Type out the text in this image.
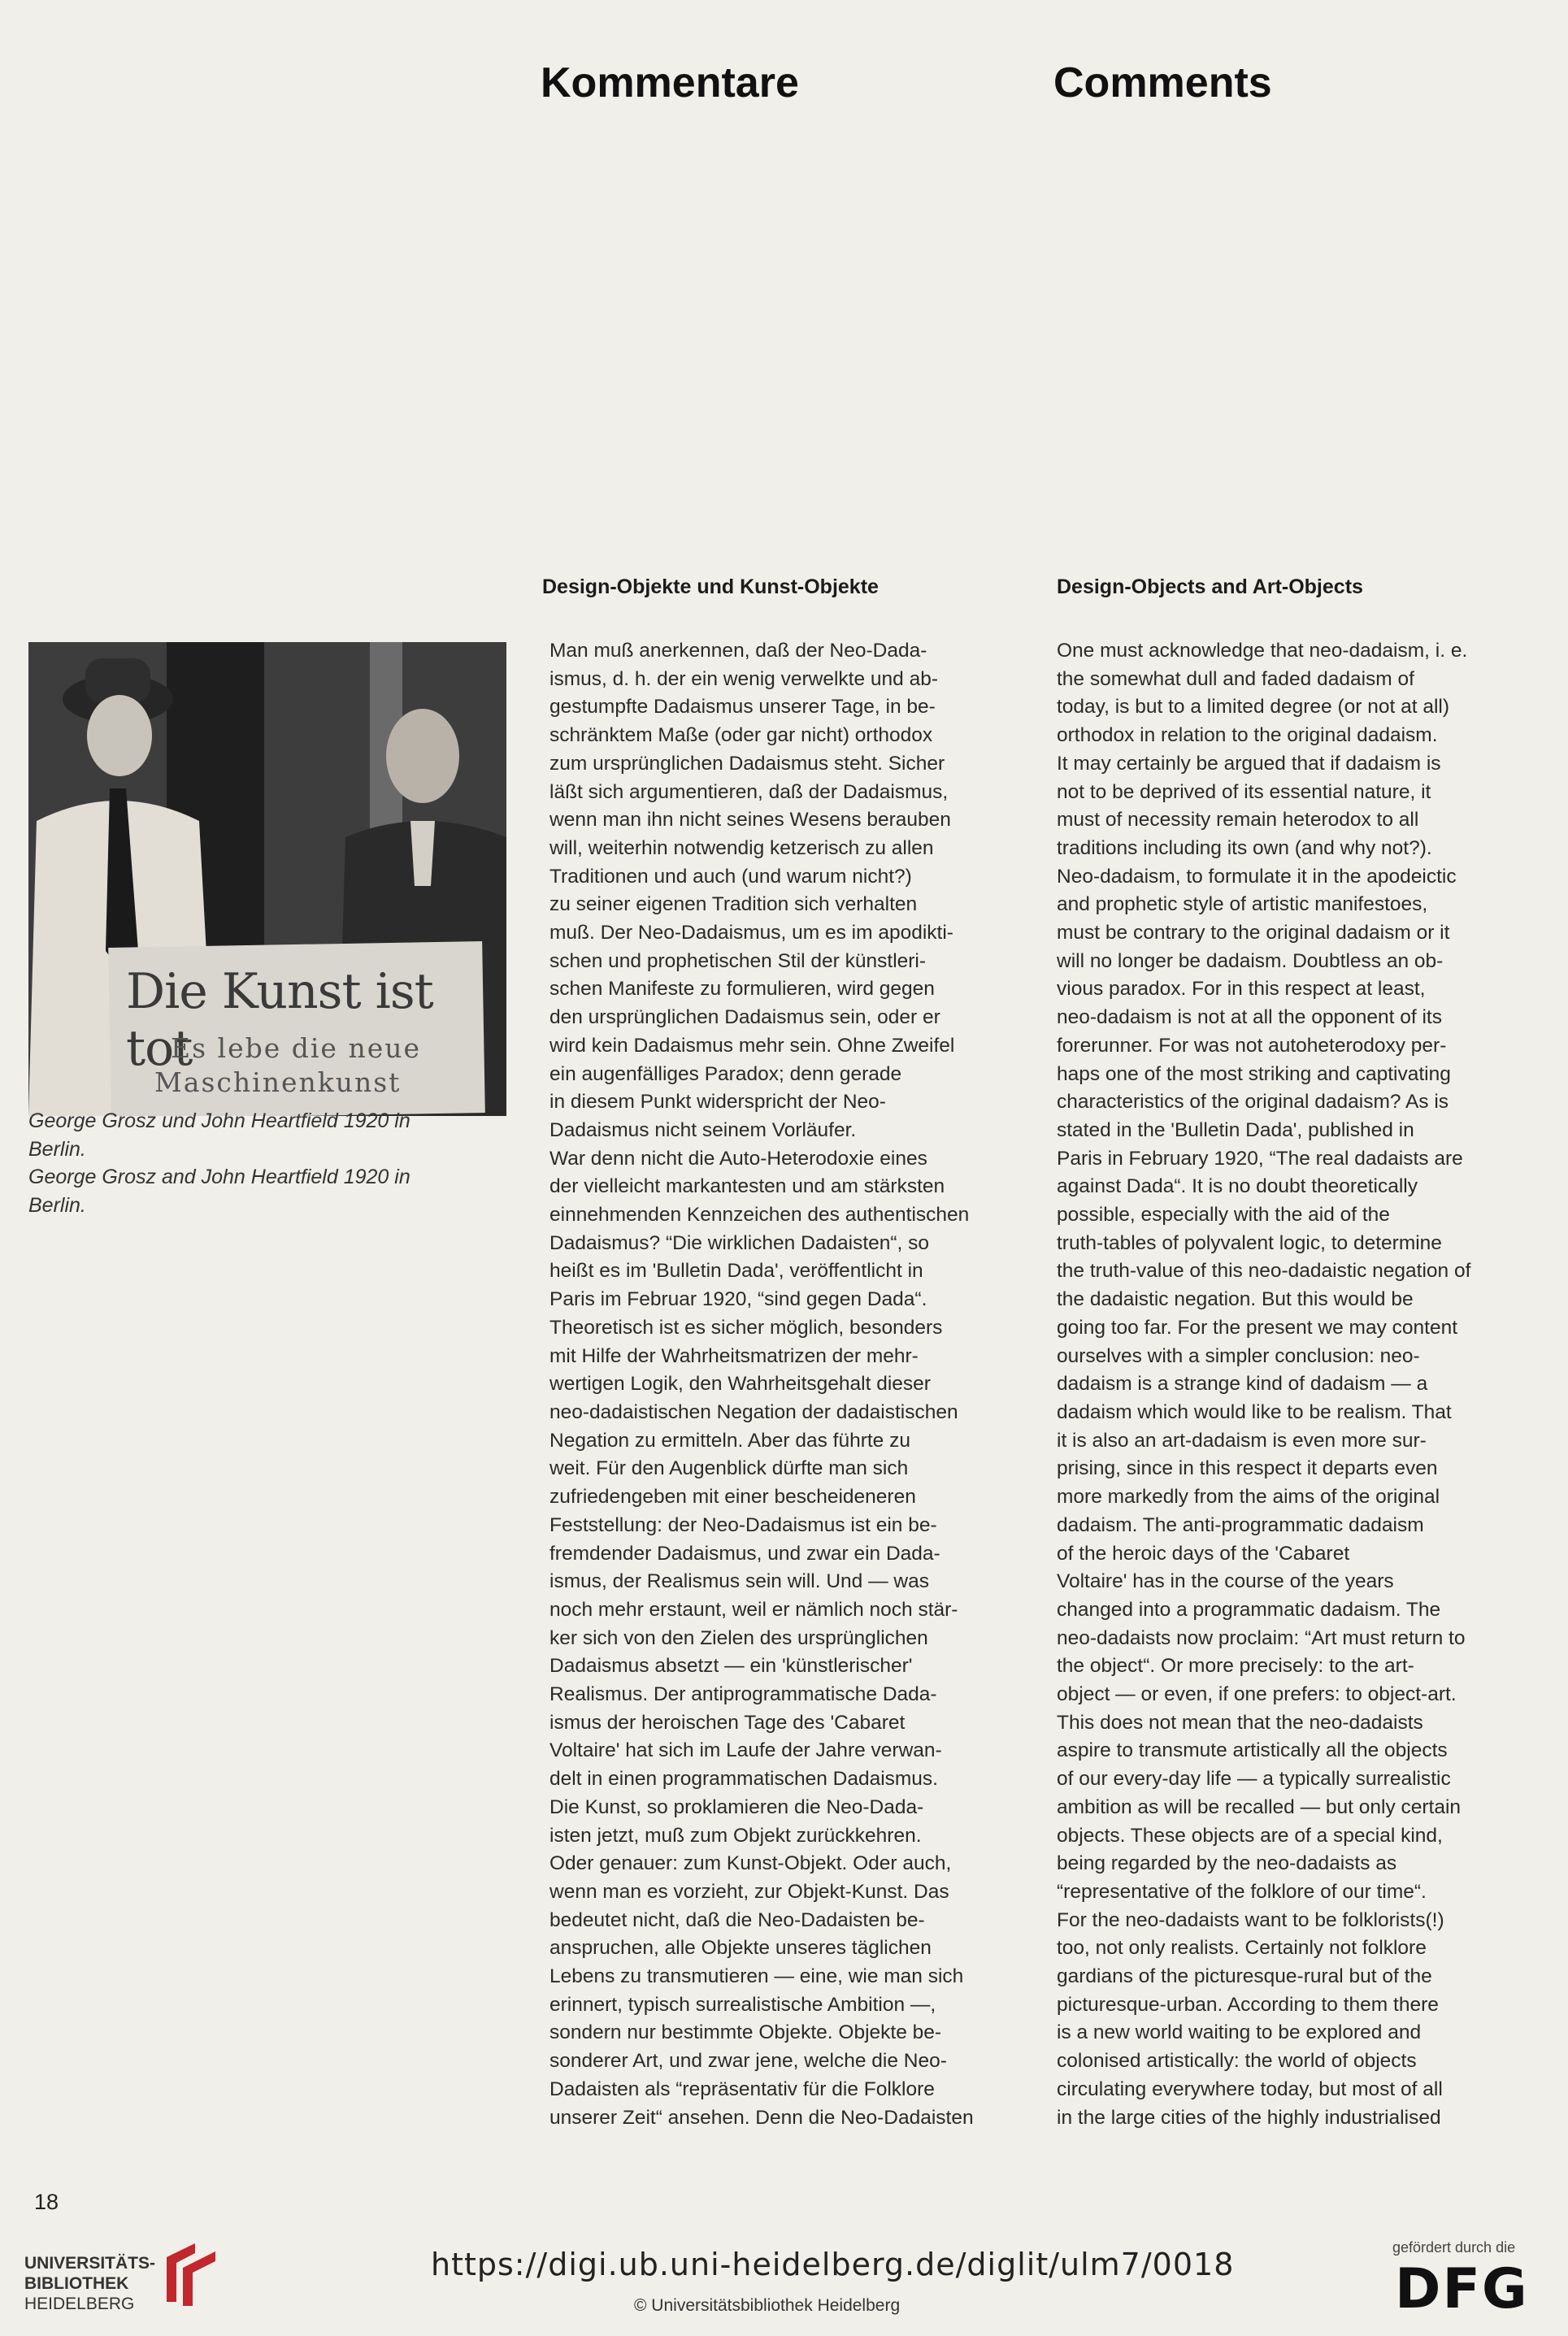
Kommentare	Comments
Design-Objekte und Kunst-Objekte	Design-Objects and Art-Objects
Die Kunst ist tot
Es lebe die neue
Maschinenkunst

George Grosz und John Heartfield 1920 in

Berlin.

George Grosz and John Heartfield 1920 in

Berlin.

Man muß anerkennen, daß der Neo-Dada-

ismus, d. h. der ein wenig verwelkte und ab-

gestumpfte Dadaismus unserer Tage, in be-

schränktem Maße (oder gar nicht) orthodox

zum ursprünglichen Dadaismus steht. Sicher

läßt sich argumentieren, daß der Dadaismus,

wenn man ihn nicht seines Wesens berauben

will, weiterhin notwendig ketzerisch zu allen

Traditionen und auch (und warum nicht?)

zu seiner eigenen Tradition sich verhalten

muß. Der Neo-Dadaismus, um es im apodikti-

schen und prophetischen Stil der künstleri-

schen Manifeste zu formulieren, wird gegen

den ursprünglichen Dadaismus sein, oder er

wird kein Dadaismus mehr sein. Ohne Zweifel

ein augenfälliges Paradox; denn gerade

in diesem Punkt widerspricht der Neo-

Dadaismus nicht seinem Vorläufer.

War denn nicht die Auto-Heterodoxie eines

der vielleicht markantesten und am stärksten

einnehmenden Kennzeichen des authentischen

Dadaismus? “Die wirklichen Dadaisten“, so

heißt es im 'Bulletin Dada', veröffentlicht in

Paris im Februar 1920, “sind gegen Dada“.

Theoretisch ist es sicher möglich, besonders

mit Hilfe der Wahrheitsmatrizen der mehr-

wertigen Logik, den Wahrheitsgehalt dieser

neo-dadaistischen Negation der dadaistischen

Negation zu ermitteln. Aber das führte zu

weit. Für den Augenblick dürfte man sich

zufriedengeben mit einer bescheideneren

Feststellung: der Neo-Dadaismus ist ein be-

fremdender Dadaismus, und zwar ein Dada-

ismus, der Realismus sein will. Und — was

noch mehr erstaunt, weil er nämlich noch stär-

ker sich von den Zielen des ursprünglichen

Dadaismus absetzt — ein 'künstlerischer'

Realismus. Der antiprogrammatische Dada-

ismus der heroischen Tage des 'Cabaret

Voltaire' hat sich im Laufe der Jahre verwan-

delt in einen programmatischen Dadaismus.

Die Kunst, so proklamieren die Neo-Dada-

isten jetzt, muß zum Objekt zurückkehren.

Oder genauer: zum Kunst-Objekt. Oder auch,

wenn man es vorzieht, zur Objekt-Kunst. Das

bedeutet nicht, daß die Neo-Dadaisten be-

anspruchen, alle Objekte unseres täglichen

Lebens zu transmutieren — eine, wie man sich

erinnert, typisch surrealistische Ambition —,

sondern nur bestimmte Objekte. Objekte be-

sonderer Art, und zwar jene, welche die Neo-

Dadaisten als “repräsentativ für die Folklore

unserer Zeit“ ansehen. Denn die Neo-Dadaisten

One must acknowledge that neo-dadaism, i. e.

the somewhat dull and faded dadaism of

today, is but to a limited degree (or not at all)

orthodox in relation to the original dadaism.

It may certainly be argued that if dadaism is

not to be deprived of its essential nature, it

must of necessity remain heterodox to all

traditions including its own (and why not?).

Neo-dadaism, to formulate it in the apodeictic

and prophetic style of artistic manifestoes,

must be contrary to the original dadaism or it

will no longer be dadaism. Doubtless an ob-

vious paradox. For in this respect at least,

neo-dadaism is not at all the opponent of its

forerunner. For was not autoheterodoxy per-

haps one of the most striking and captivating

characteristics of the original dadaism? As is

stated in the 'Bulletin Dada', published in

Paris in February 1920, “The real dadaists are

against Dada“. It is no doubt theoretically

possible, especially with the aid of the

truth-tables of polyvalent logic, to determine

the truth-value of this neo-dadaistic negation of

the dadaistic negation. But this would be

going too far. For the present we may content

ourselves with a simpler conclusion: neo-

dadaism is a strange kind of dadaism — a

dadaism which would like to be realism. That

it is also an art-dadaism is even more sur-

prising, since in this respect it departs even

more markedly from the aims of the original

dadaism. The anti-programmatic dadaism

of the heroic days of the 'Cabaret

Voltaire' has in the course of the years

changed into a programmatic dadaism. The

neo-dadaists now proclaim: “Art must return to

the object“. Or more precisely: to the art-

object — or even, if one prefers: to object-art.

This does not mean that the neo-dadaists

aspire to transmute artistically all the objects

of our every-day life — a typically surrealistic

ambition as will be recalled — but only certain

objects. These objects are of a special kind,

being regarded by the neo-dadaists as

“representative of the folklore of our time“.

For the neo-dadaists want to be folklorists(!)

too, not only realists. Certainly not folklore

gardians of the picturesque-rural but of the

picturesque-urban. According to them there

is a new world waiting to be explored and

colonised artistically: the world of objects

circulating everywhere today, but most of all

in the large cities of the highly industrialised

18
UNIVERSITÄTS-
BIBLIOTHEK
HEIDELBERG
https://digi.ub.uni-heidelberg.de/diglit/ulm7/0018
© Universitätsbibliothek Heidelberg
gefördert durch die
DFG
